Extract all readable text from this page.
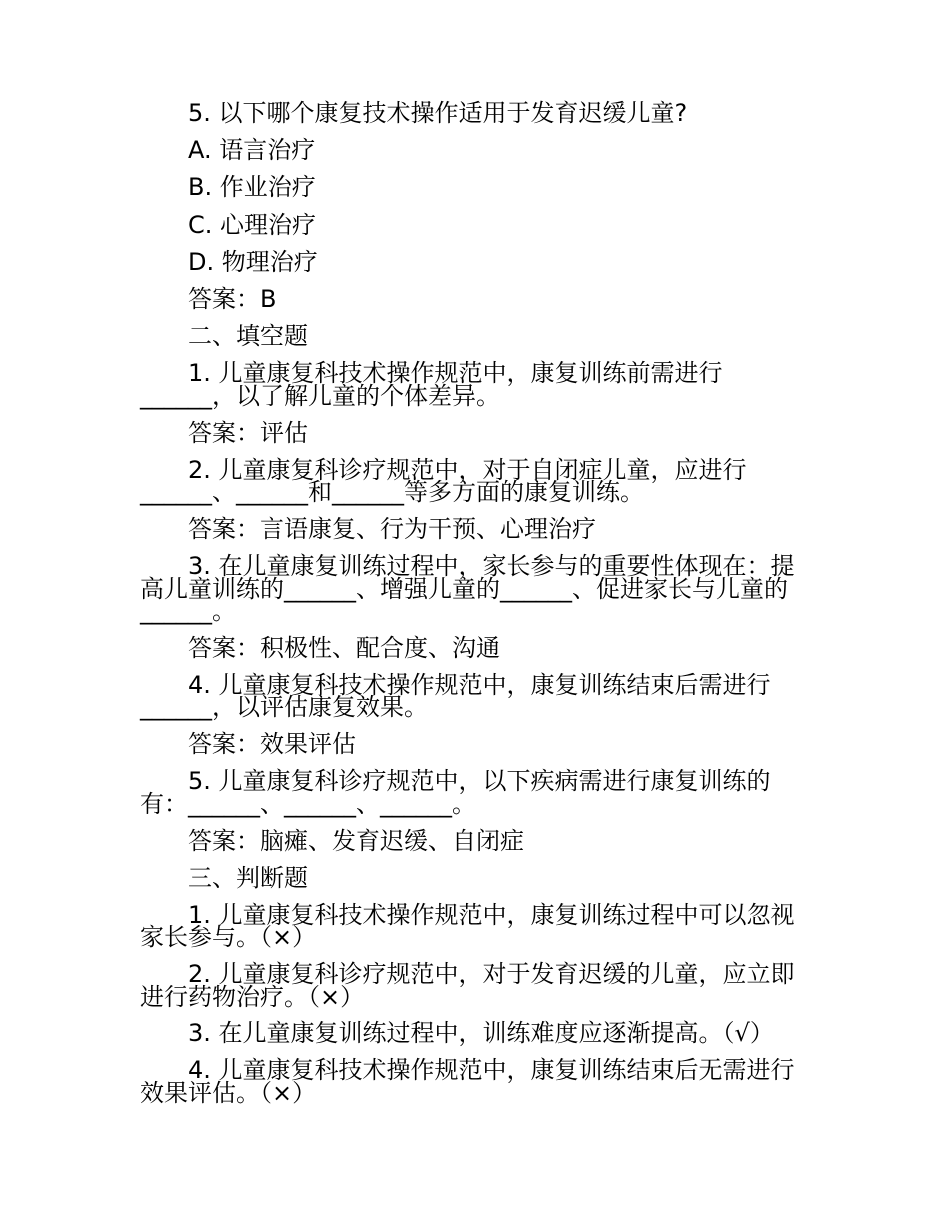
5. 以下哪个康复技术操作适用于发育迟缓儿童?

A. 语言治疗

B. 作业治疗

C. 心理治疗

D. 物理治疗

答案：B

二、填空题

1. 儿童康复科技术操作规范中，康复训练前需进行______，以了解儿童的个体差异。

答案：评估

2. 儿童康复科诊疗规范中，对于自闭症儿童，应进行______、______和______等多方面的康复训练。

答案：言语康复、行为干预、心理治疗

3. 在儿童康复训练过程中，家长参与的重要性体现在：提高儿童训练的______、增强儿童的______、促进家长与儿童的______。

答案：积极性、配合度、沟通

4. 儿童康复科技术操作规范中，康复训练结束后需进行______，以评估康复效果。

答案：效果评估

5. 儿童康复科诊疗规范中，以下疾病需进行康复训练的有：______、______、______。

答案：脑瘫、发育迟缓、自闭症

三、判断题

1. 儿童康复科技术操作规范中，康复训练过程中可以忽视家长参与。（×）

2. 儿童康复科诊疗规范中，对于发育迟缓的儿童，应立即进行药物治疗。（×）

3. 在儿童康复训练过程中，训练难度应逐渐提高。（√）

4. 儿童康复科技术操作规范中，康复训练结束后无需进行效果评估。（×）
